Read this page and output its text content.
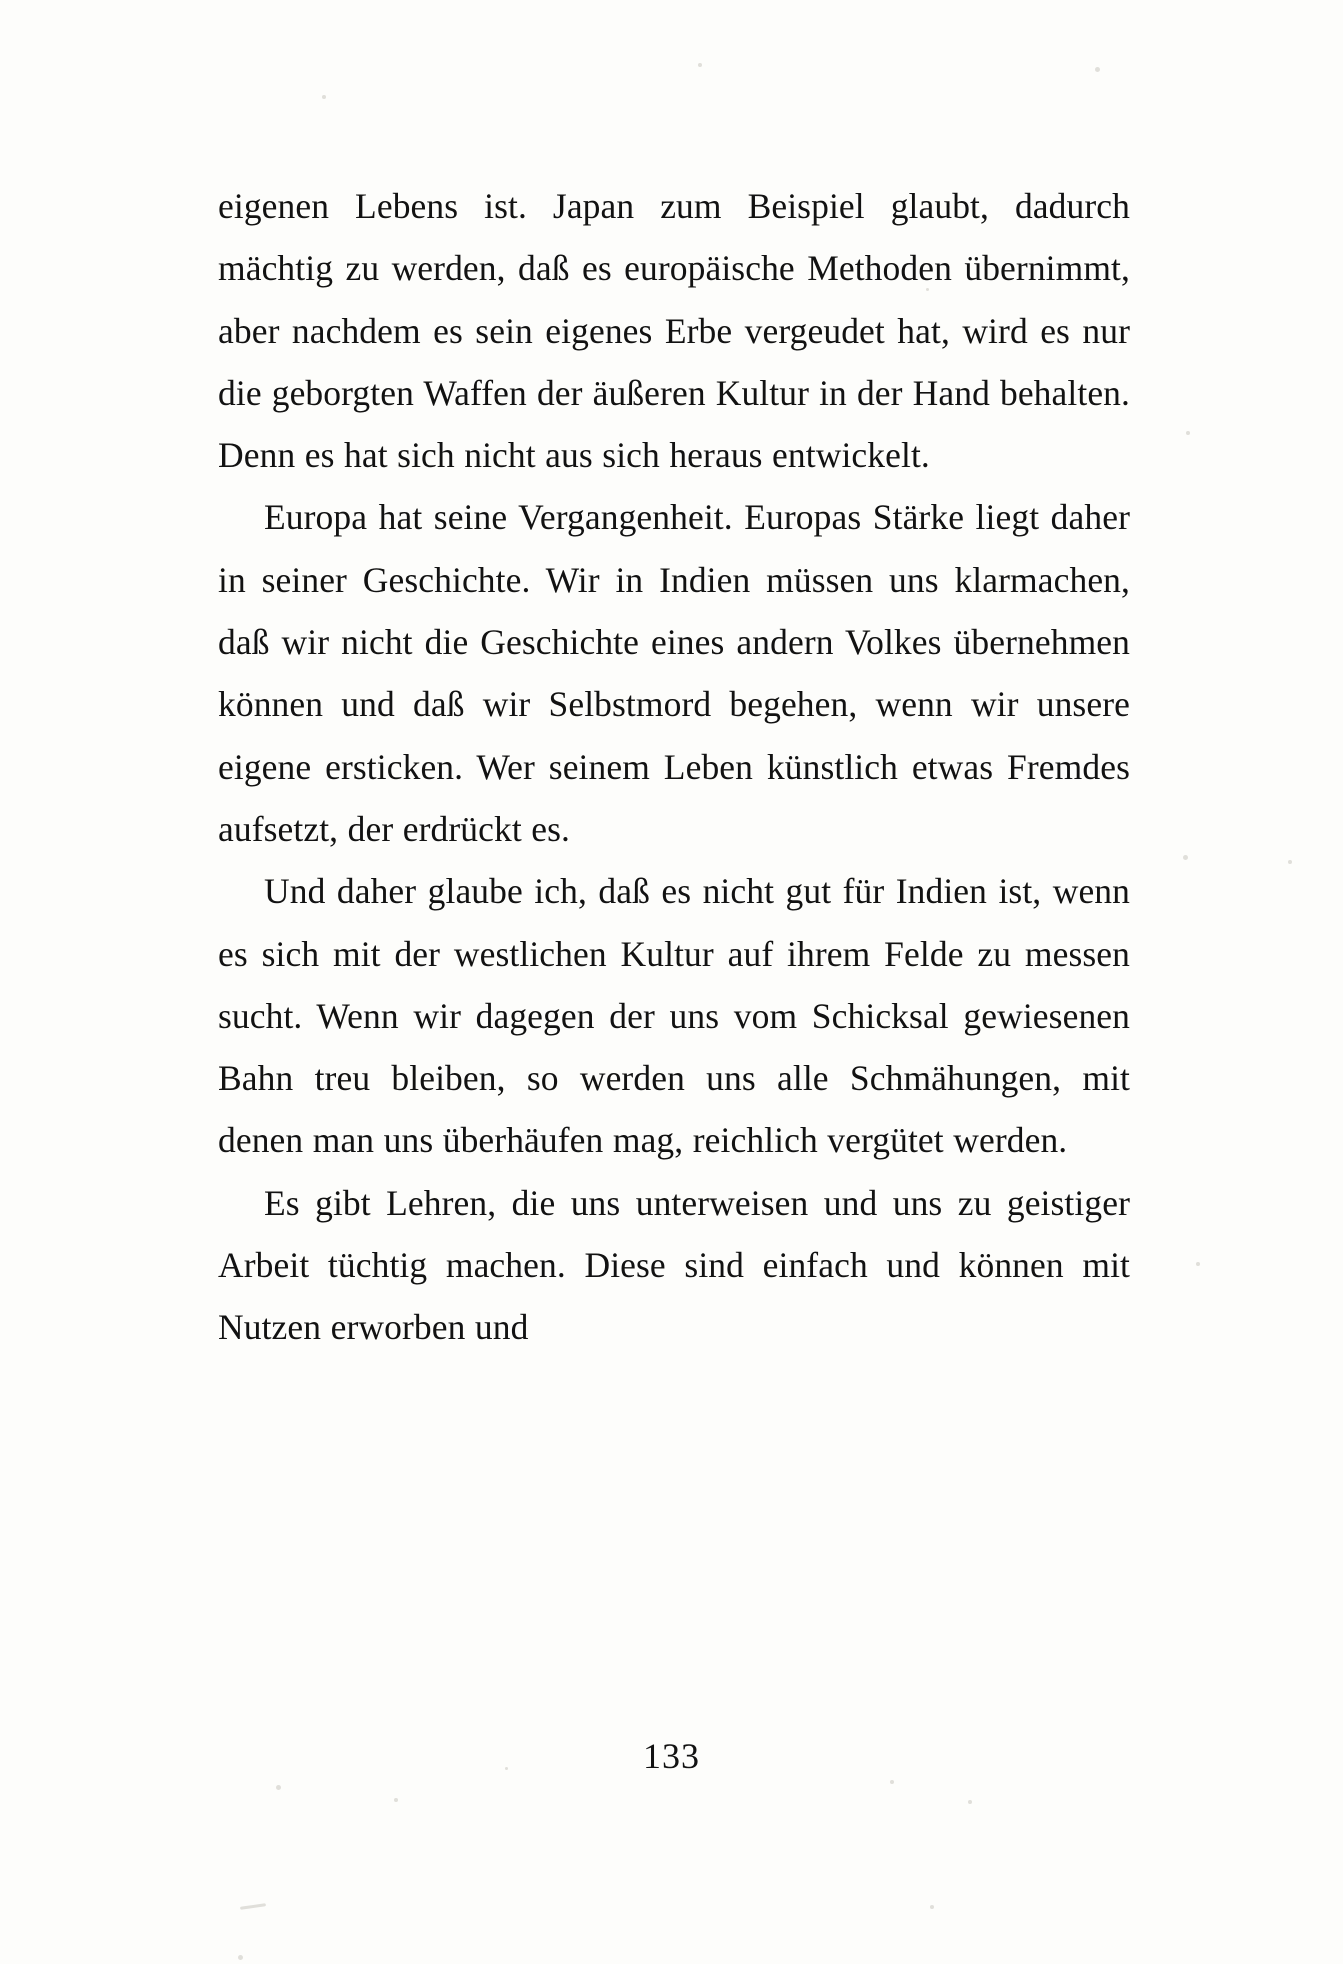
eigenen Lebens ist. Japan zum Beispiel glaubt, dadurch mächtig zu werden, daß es europäische Methoden übernimmt, aber nachdem es sein eigenes Erbe vergeudet hat, wird es nur die geborgten Waffen der äußeren Kultur in der Hand behalten. Denn es hat sich nicht aus sich heraus entwickelt.

Europa hat seine Vergangenheit. Europas Stärke liegt daher in seiner Geschichte. Wir in Indien müssen uns klarmachen, daß wir nicht die Geschichte eines andern Volkes übernehmen können und daß wir Selbstmord begehen, wenn wir unsere eigene ersticken. Wer seinem Leben künstlich etwas Fremdes aufsetzt, der erdrückt es.

Und daher glaube ich, daß es nicht gut für Indien ist, wenn es sich mit der westlichen Kultur auf ihrem Felde zu messen sucht. Wenn wir dagegen der uns vom Schicksal gewiesenen Bahn treu bleiben, so werden uns alle Schmähungen, mit denen man uns überhäufen mag, reichlich vergütet werden.

Es gibt Lehren, die uns unterweisen und uns zu geistiger Arbeit tüchtig machen. Diese sind einfach und können mit Nutzen erworben und

133
